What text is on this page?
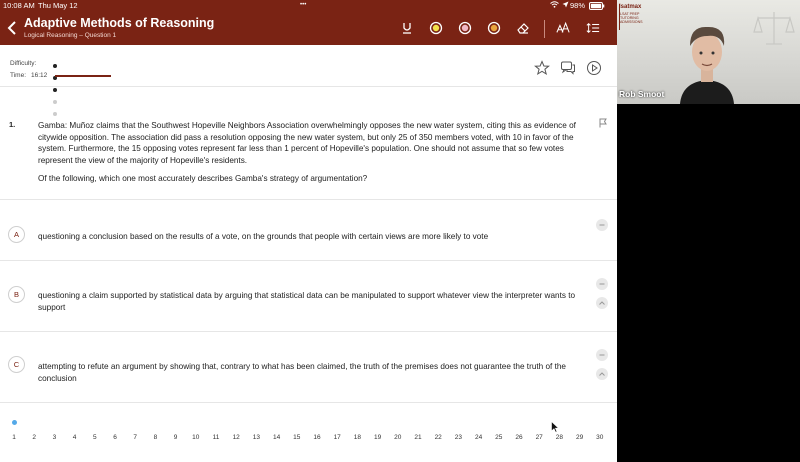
10:08 AM Thu May 12	•••	98%
Adaptive Methods of Reasoning
Logical Reasoning – Question 1
Difficulty:
Time: 16:12
1.	Gamba: Muñoz claims that the Southwest Hopeville Neighbors Association overwhelmingly opposes the new water system, citing this as evidence of citywide opposition. The association did pass a resolution opposing the new water system, but only 25 of 350 members voted, with 10 in favor of the system. Furthermore, the 15 opposing votes represent far less than 1 percent of Hopeville's population. One should not assume that so few votes represent the view of the majority of Hopeville's residents.
Of the following, which one most accurately describes Gamba's strategy of argumentation?
A	questioning a conclusion based on the results of a vote, on the grounds that people with certain views are more likely to vote
B	questioning a claim supported by statistical data by arguing that statistical data can be manipulated to support whatever view the interpreter wants to support
C	attempting to refute an argument by showing that, contrary to what has been claimed, the truth of the premises does not guarantee the truth of the conclusion
1	2	3	4	5	6	7	8	9	10	11	12	13	14	15	16	17	18	19	20	21	22	23	24	25	26	27	28	29	30
lsatmax
LSAT PREP TUTORING ADMISSIONS
Rob Smoot
